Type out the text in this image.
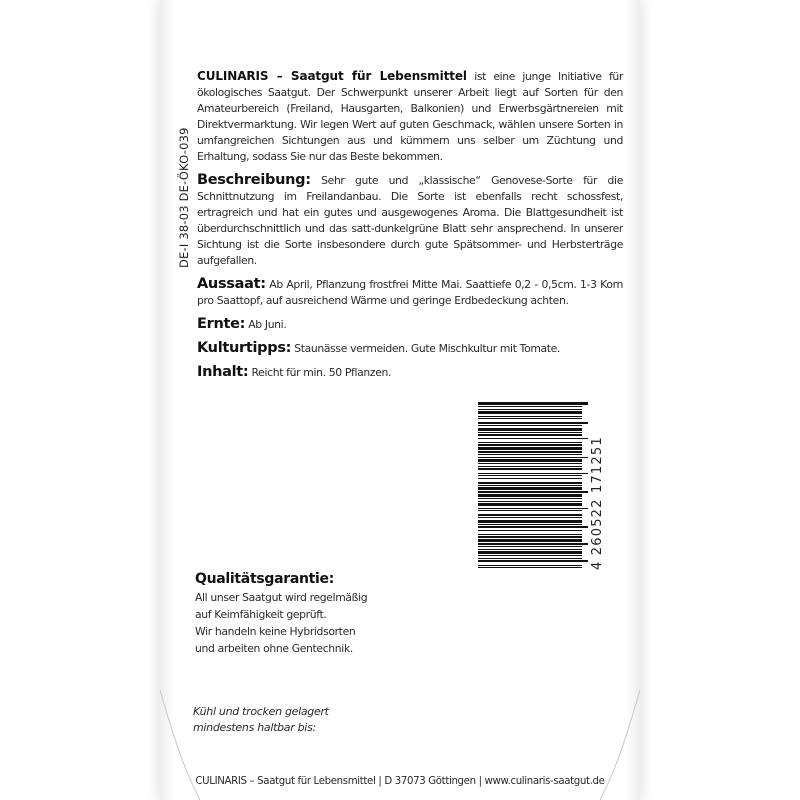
DE-I 38-03 DE-ÖKO-039

CULINARIS – Saatgut für Lebensmittel ist eine junge Initiative für ökologisches Saatgut. Der Schwerpunkt unserer Arbeit liegt auf Sorten für den Amateurbereich (Freiland, Hausgarten, Balkonien) und Erwerbsgärtnereien mit Direktvermarktung. Wir legen Wert auf guten Geschmack, wählen unsere Sorten in umfangreichen Sichtungen aus und kümmern uns selber um Züchtung und Erhaltung, sodass Sie nur das Beste bekommen.

Beschreibung: Sehr gute und „klassische“ Genovese-Sorte für die Schnittnutzung im Freilandanbau. Die Sorte ist ebenfalls recht schossfest, ertragreich und hat ein gutes und ausgewogenes Aroma. Die Blattgesundheit ist überdurchschnittlich und das satt-dunkelgrüne Blatt sehr ansprechend. In unserer Sichtung ist die Sorte insbesondere durch gute Spätsommer- und Herbsterträge aufgefallen.

Aussaat: Ab April, Pflanzung frostfrei Mitte Mai. Saattiefe 0,2 - 0,5cm. 1-3 Korn pro Saattopf, auf ausreichend Wärme und geringe Erdbedeckung achten.

Ernte: Ab Juni.

Kulturtipps: Staunässe vermeiden. Gute Mischkultur mit Tomate.

Inhalt: Reicht für min. 50 Pflanzen.

4 260522 171251
Qualitätsgarantie:
All unser Saatgut wird regelmäßig
auf Keimfähigkeit geprüft.
Wir handeln keine Hybridsorten
und arbeiten ohne Gentechnik.
Kühl und trocken gelagert
mindestens haltbar bis:
CULINARIS – Saatgut für Lebensmittel | D 37073 Göttingen | www.culinaris-saatgut.de
